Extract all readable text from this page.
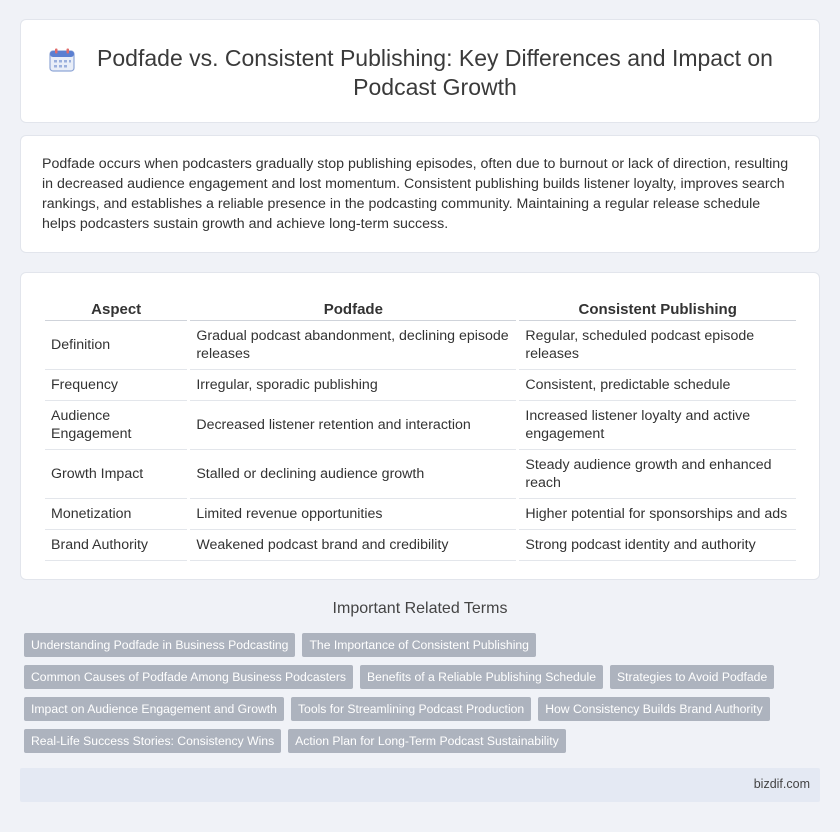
Podfade vs. Consistent Publishing: Key Differences and Impact on Podcast Growth

Podfade occurs when podcasters gradually stop publishing episodes, often due to burnout or lack of direction, resulting in decreased audience engagement and lost momentum. Consistent publishing builds listener loyalty, improves search rankings, and establishes a reliable presence in the podcasting community. Maintaining a regular release schedule helps podcasters sustain growth and achieve long-term success.

Aspect	Podfade	Consistent Publishing
Definition	Gradual podcast abandonment, declining episode releases	Regular, scheduled podcast episode releases
Frequency	Irregular, sporadic publishing	Consistent, predictable schedule
Audience Engagement	Decreased listener retention and interaction	Increased listener loyalty and active engagement
Growth Impact	Stalled or declining audience growth	Steady audience growth and enhanced reach
Monetization	Limited revenue opportunities	Higher potential for sponsorships and ads
Brand Authority	Weakened podcast brand and credibility	Strong podcast identity and authority
Important Related Terms
Understanding Podfade in Business Podcasting	The Importance of Consistent Publishing
Common Causes of Podfade Among Business Podcasters	Benefits of a Reliable Publishing Schedule	Strategies to Avoid Podfade
Impact on Audience Engagement and Growth	Tools for Streamlining Podcast Production	How Consistency Builds Brand Authority
Real-Life Success Stories: Consistency Wins	Action Plan for Long-Term Podcast Sustainability
bizdif.com
